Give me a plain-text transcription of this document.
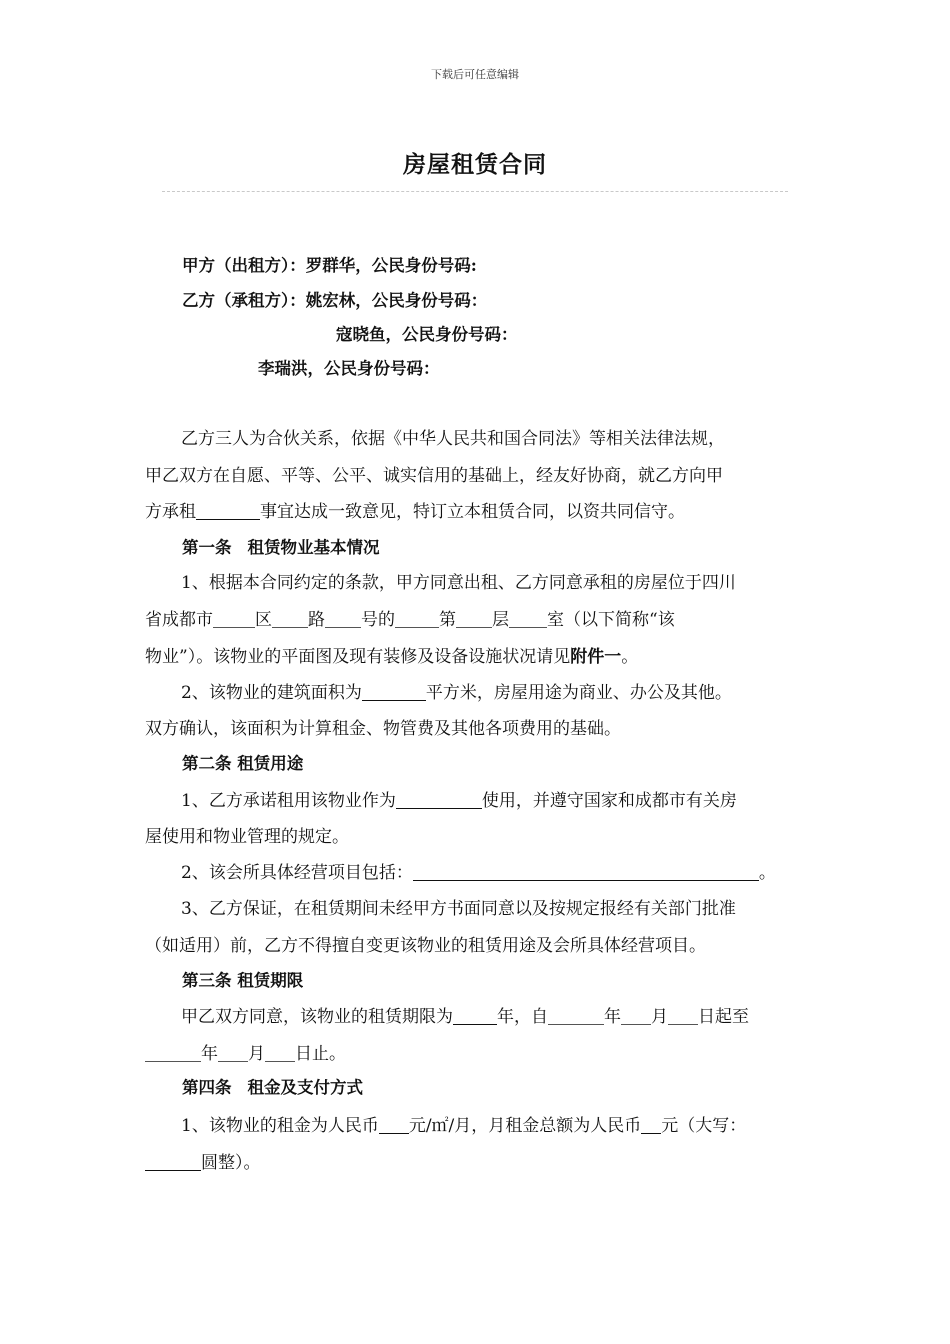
下载后可任意编辑
房屋租赁合同
甲方（出租方）：罗群华，公民身份号码:
乙方（承租方）：姚宏林，公民身份号码：
寇晓鱼，公民身份号码：
李瑞洪，公民身份号码：
乙方三人为合伙关系，依据《中华人民共和国合同法》等相关法律法规，
甲乙双方在自愿、平等、公平、诚实信用的基础上，经友好协商，就乙方向甲
方承租	事宜达成一致意见，特订立本租赁合同，以资共同信守。
第一条 租赁物业基本情况
1、根据本合同约定的条款，甲方同意出租、乙方同意承租的房屋位于四川
省成都市 区 路 号的	第 层 室（以下简称“该
物业”）。该物业的平面图及现有装修及设备设施状况请见附件一。
2、该物业的建筑面积为	平方米，房屋用途为商业、办公及其他。
双方确认，该面积为计算租金、物管费及其他各项费用的基础。
第二条 租赁用途
1、乙方承诺租用该物业作为	使用，并遵守国家和成都市有关房
屋使用和物业管理的规定。
2、该会所具体经营项目包括：	。
3、乙方保证，在租赁期间未经甲方书面同意以及按规定报经有关部门批准
（如适用）前，乙方不得擅自变更该物业的租赁用途及会所具体经营项目。
第三条 租赁期限
甲乙双方同意，该物业的租赁期限为	年，自	年 月 日起至
年 月 日止。
第四条 租金及支付方式
1、该物业的租金为人民币 元/㎡/月，月租金总额为人民币 元（大写：
圆整）。
